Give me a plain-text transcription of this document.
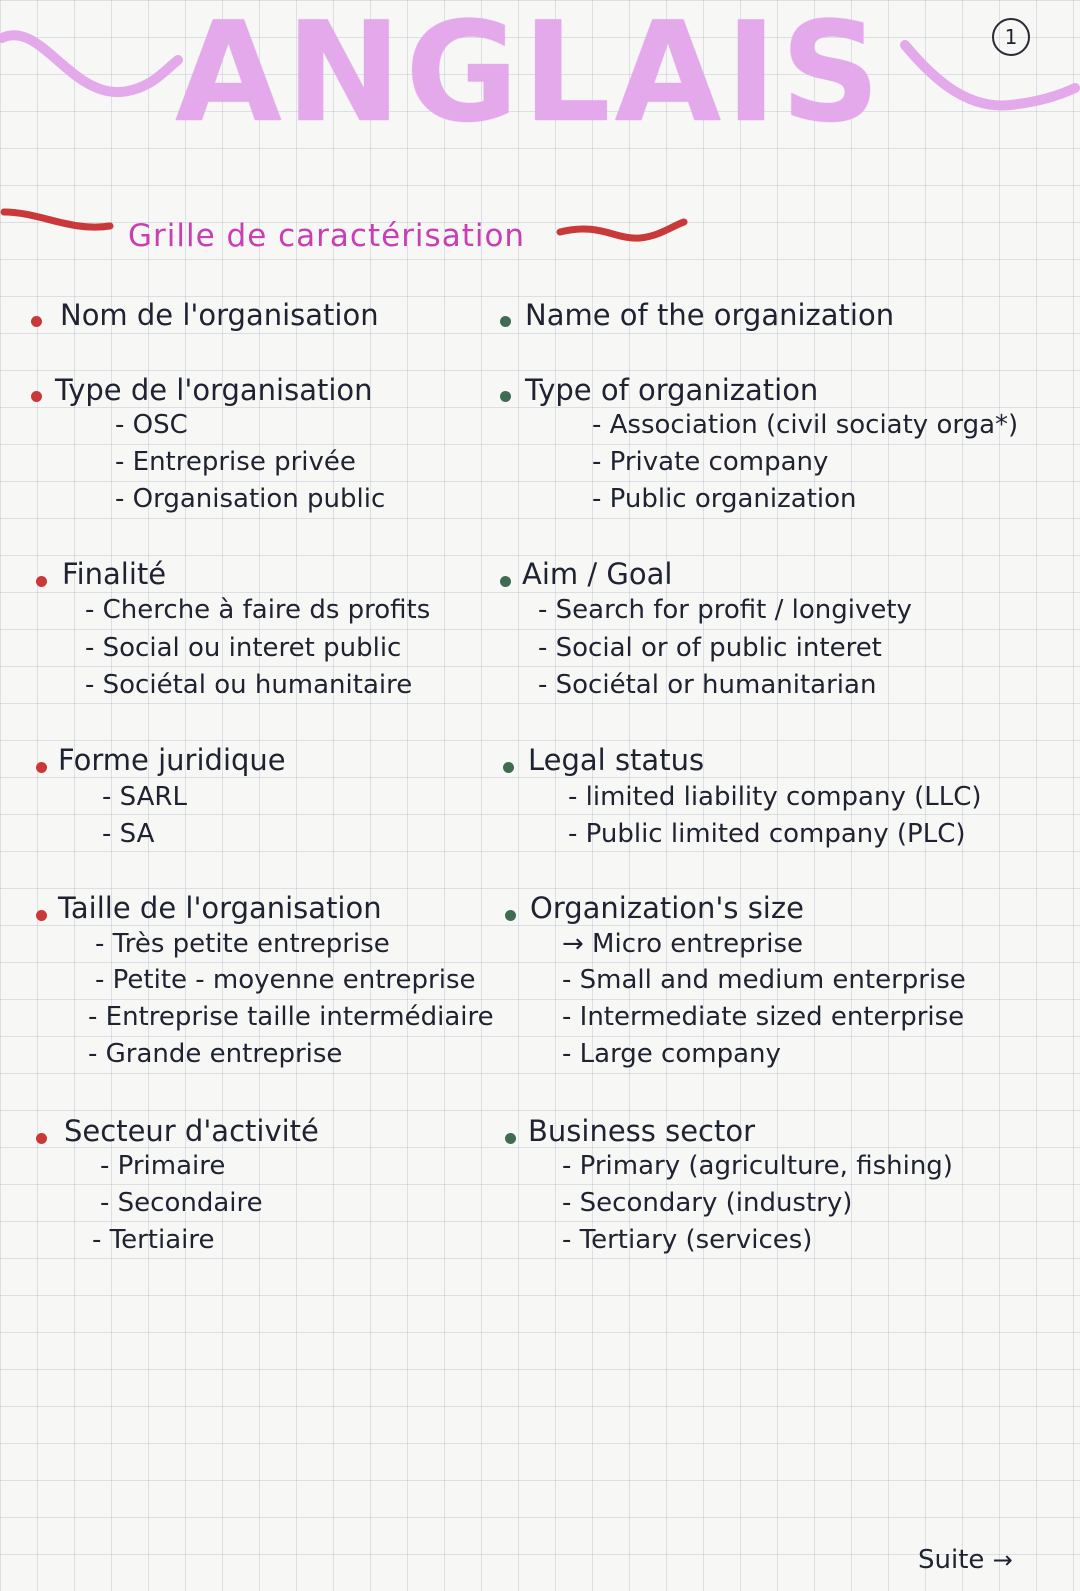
1
ANGLAIS
Grille de caractérisation
Nom de l'organisation	Name of the organization
Type de l'organisation
- OSC
- Entreprise privée
- Organisation public
Type of organization
- Association (civil sociaty orga*)
- Private company
- Public organization
Finalité
- Cherche à faire ds profits
- Social ou interet public
- Sociétal ou humanitaire
Aim / Goal
- Search for profit / longivety
- Social or of public interet
- Sociétal or humanitarian
Forme juridique
- SARL
- SA
Legal status
- limited liability company (LLC)
- Public limited company (PLC)
Taille de l'organisation
- Très petite entreprise
- Petite - moyenne entreprise
- Entreprise taille intermédiaire
- Grande entreprise
Organization's size
→ Micro entreprise
- Small and medium enterprise
- Intermediate sized enterprise
- Large company
Secteur d'activité
- Primaire
- Secondaire
- Tertiaire
Business sector
- Primary (agriculture, fishing)
- Secondary (industry)
- Tertiary (services)
Suite →
